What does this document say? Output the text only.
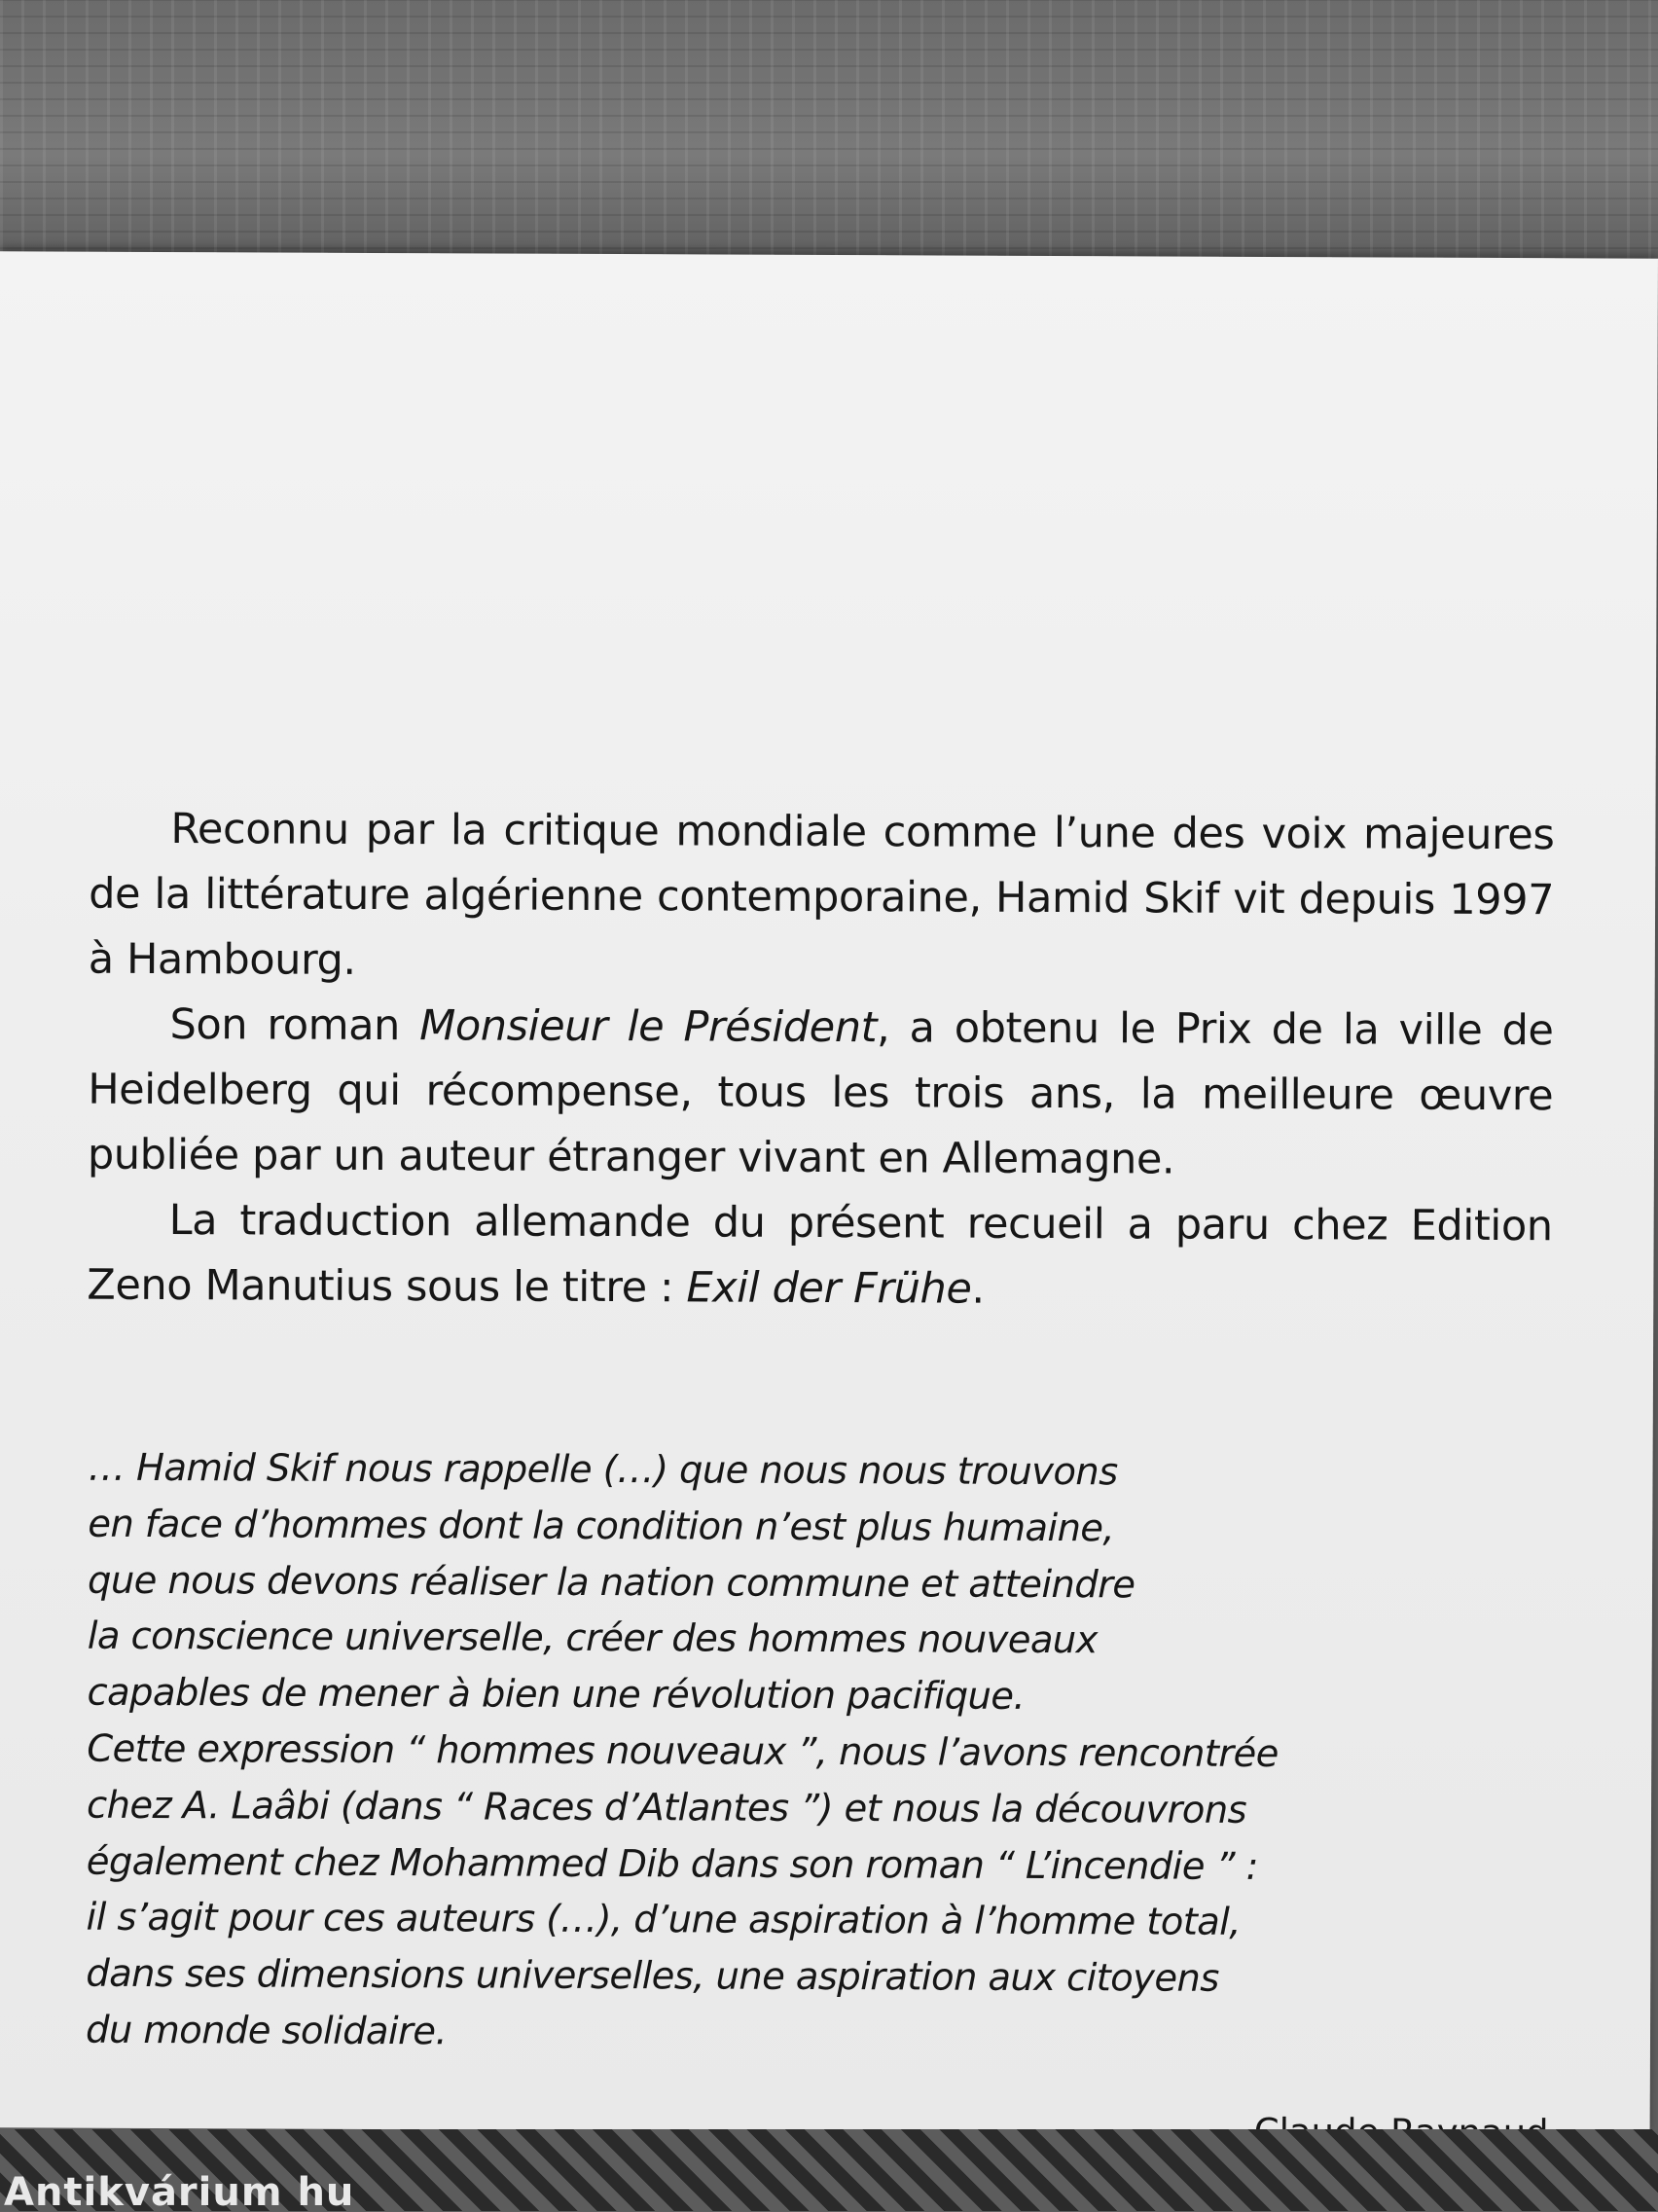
Reconnu par la critique mondiale comme l’une des voix majeures de la littérature algérienne contemporaine, Hamid Skif vit depuis 1997 à Hambourg.

Son roman Monsieur le Président, a obtenu le Prix de la ville de Heidelberg qui récompense, tous les trois ans, la meilleure œuvre publiée par un auteur étranger vivant en Allemagne.

La traduction allemande du présent recueil a paru chez Edition Zeno Manutius sous le titre : Exil der Frühe.

… Hamid Skif nous rappelle (…) que nous nous trouvons
en face d’hommes dont la condition n’est plus humaine,
que nous devons réaliser la nation commune et atteindre
la conscience universelle, créer des hommes nouveaux
capables de mener à bien une révolution pacifique.
Cette expression “ hommes nouveaux ”, nous l’avons rencontrée
chez A. Laâbi (dans “ Races d’Atlantes ”) et nous la découvrons
également chez Mohammed Dib dans son roman “ L’incendie ” :
il s’agit pour ces auteurs (…), d’une aspiration à l’homme total,
dans ses dimensions universelles, une aspiration aux citoyens
du monde solidaire.
Antikvárium hu
